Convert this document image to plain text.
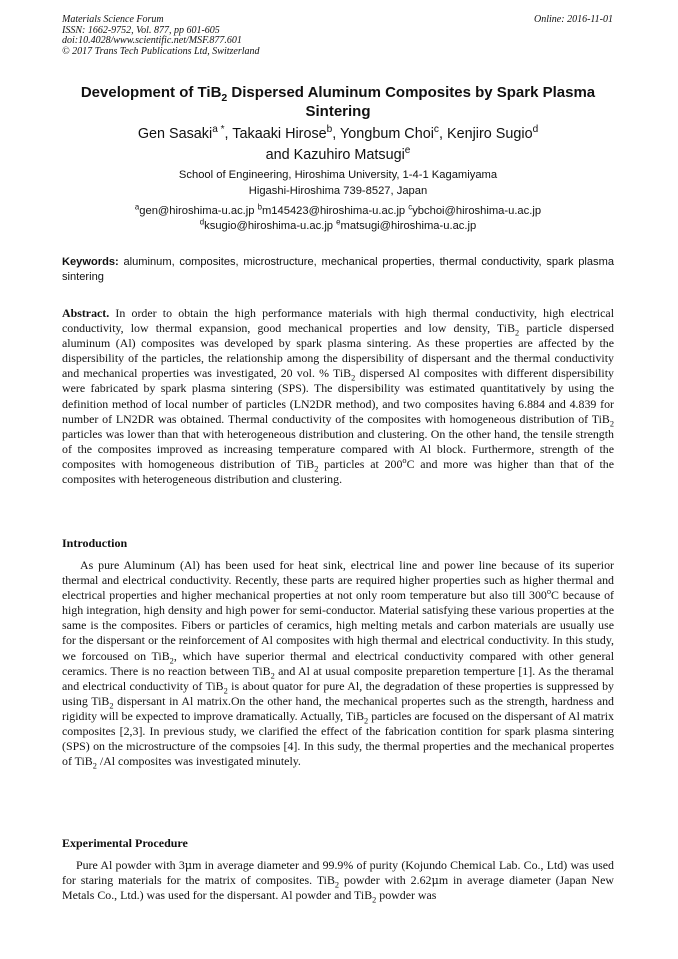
Materials Science Forum
ISSN: 1662-9752, Vol. 877, pp 601-605
doi:10.4028/www.scientific.net/MSF.877.601
© 2017 Trans Tech Publications Ltd, Switzerland
Online: 2016-11-01
Development of TiB$_2$ Dispersed Aluminum Composites by Spark Plasma Sintering
Gen Sasaki$^{a *}$, Takaaki Hirose$^b$, Yongbum Choi$^c$, Kenjiro Sugio$^d$
and Kazuhiro Matsugi$^e$
School of Engineering, Hiroshima University, 1-4-1 Kagamiyama
Higashi-Hiroshima 739-8527, Japan
$^a$gen@hiroshima-u.ac.jp $^b$m145423@hiroshima-u.ac.jp $^c$ybchoi@hiroshima-u.ac.jp
$^d$ksugio@hiroshima-u.ac.jp $^e$matsugi@hiroshima-u.ac.jp
Keywords: aluminum, composites, microstructure, mechanical properties, thermal conductivity, spark plasma sintering
Abstract. In order to obtain the high performance materials with high thermal conductivity, high electrical conductivity, low thermal expansion, good mechanical properties and low density, TiB$_2$ particle dispersed aluminum (Al) composites was developed by spark plasma sintering. As these properties are affected by the dispersibility of the particles, the relationship among the dispersibility of dispersant and the thermal conductivity and mechanical properties was investigated, 20 vol. % TiB$_2$ dispersed Al composites with different dispersibility were fabricated by spark plasma sintering (SPS). The dispersibility was estimated quantitatively by using the definition method of local number of particles (LN2DR method), and two composites having 6.884 and 4.839 for number of LN2DR was obtained. Thermal conductivity of the composites with homogeneous distribution of TiB$_2$ particles was lower than that with heterogeneous distribution and clustering. On the other hand, the tensile strength of the composites improved as increasing temperature compared with Al block. Furthermore, strength of the composites with homogeneous distribution of TiB$_2$ particles at 200$^o$C and more was higher than that of the composites with heterogeneous distribution and clustering.
Introduction
As pure Aluminum (Al) has been used for heat sink, electrical line and power line because of its superior thermal and electrical conductivity. Recently, these parts are required higher properties such as higher thermal and electrical properties and higher mechanical properties at not only room temperature but also till 300$^o$C because of high integration, high density and high power for semi-conductor. Material satisfying these various properties at the same is the composites. Fibers or particles of ceramics, high melting metals and carbon materials are usually use for the dispersant or the reinforcement of Al composites with high thermal and electrical conductivity. In this study, we forcoused on TiB$_2$, which have superior thermal and electrical conductivity compared with other general ceramics. There is no reaction between TiB$_2$ and Al at usual composite preparetion temperture [1]. As the theramal and electrical conductivity of TiB$_2$ is about quator for pure Al, the degradation of these properties is suppressed by using TiB$_2$ dispersant in Al matrix.On the other hand, the mechanical propertes such as the strength, hardness and rigidity will be expected to improve dramatically. Actually, TiB$_2$ particles are focused on the dispersant of Al matrix composites [2,3]. In previous study, we clarified the effect of the fabrication contition for spark plasma sintering (SPS) on the microstructure of the compsoies [4]. In this sudy, the thermal properties and the mechanical propertes of TiB$_2$ /Al composites was investigated minutely.
Experimental Procedure
Pure Al powder with 3μm in average diameter and 99.9% of purity (Kojundo Chemical Lab. Co., Ltd) was used for staring materials for the matrix of composites. TiB$_2$ powder with 2.62μm in average diameter (Japan New Metals Co., Ltd.) was used for the dispersant. Al powder and TiB$_2$ powder was
